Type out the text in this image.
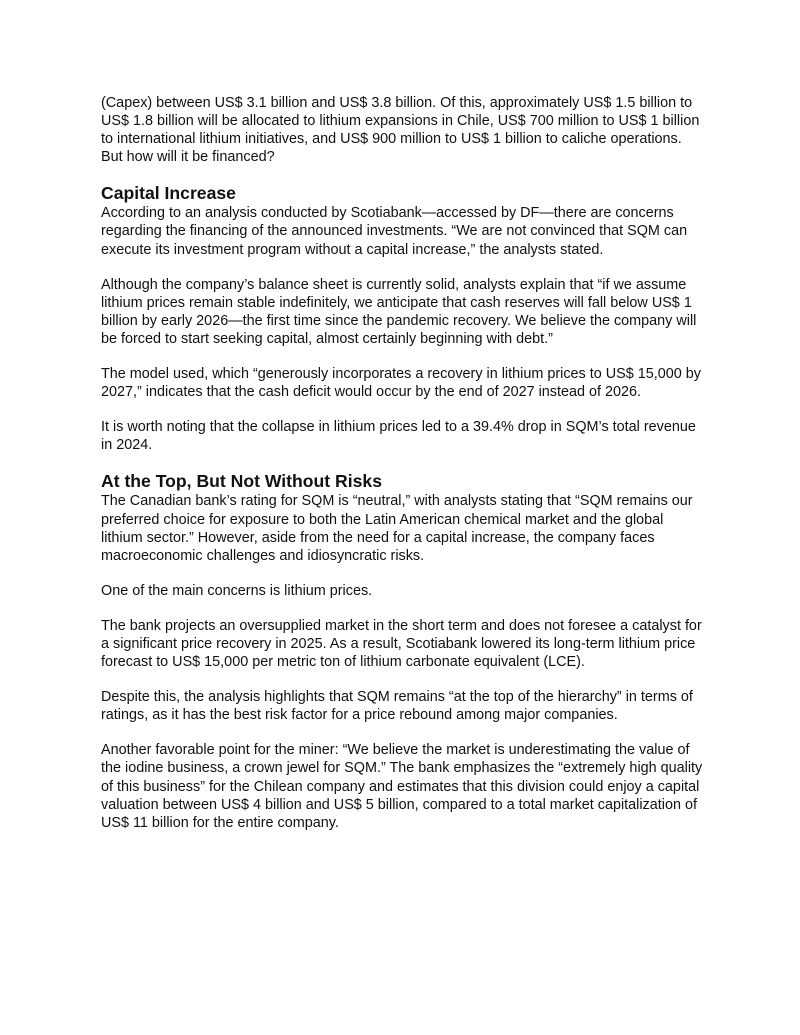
(Capex) between US$ 3.1 billion and US$ 3.8 billion. Of this, approximately US$ 1.5 billion to US$ 1.8 billion will be allocated to lithium expansions in Chile, US$ 700 million to US$ 1 billion to international lithium initiatives, and US$ 900 million to US$ 1 billion to caliche operations. But how will it be financed?

Capital Increase

According to an analysis conducted by Scotiabank—accessed by DF—there are concerns regarding the financing of the announced investments. “We are not convinced that SQM can execute its investment program without a capital increase,” the analysts stated.

Although the company’s balance sheet is currently solid, analysts explain that “if we assume lithium prices remain stable indefinitely, we anticipate that cash reserves will fall below US$ 1 billion by early 2026—the first time since the pandemic recovery. We believe the company will be forced to start seeking capital, almost certainly beginning with debt.”

The model used, which “generously incorporates a recovery in lithium prices to US$ 15,000 by 2027,” indicates that the cash deficit would occur by the end of 2027 instead of 2026.

It is worth noting that the collapse in lithium prices led to a 39.4% drop in SQM’s total revenue in 2024.

At the Top, But Not Without Risks

The Canadian bank’s rating for SQM is “neutral,” with analysts stating that “SQM remains our preferred choice for exposure to both the Latin American chemical market and the global lithium sector.” However, aside from the need for a capital increase, the company faces macroeconomic challenges and idiosyncratic risks.

One of the main concerns is lithium prices.

The bank projects an oversupplied market in the short term and does not foresee a catalyst for a significant price recovery in 2025. As a result, Scotiabank lowered its long-term lithium price forecast to US$ 15,000 per metric ton of lithium carbonate equivalent (LCE).

Despite this, the analysis highlights that SQM remains “at the top of the hierarchy” in terms of ratings, as it has the best risk factor for a price rebound among major companies.

Another favorable point for the miner: “We believe the market is underestimating the value of the iodine business, a crown jewel for SQM.” The bank emphasizes the “extremely high quality of this business” for the Chilean company and estimates that this division could enjoy a capital valuation between US$ 4 billion and US$ 5 billion, compared to a total market capitalization of US$ 11 billion for the entire company.
